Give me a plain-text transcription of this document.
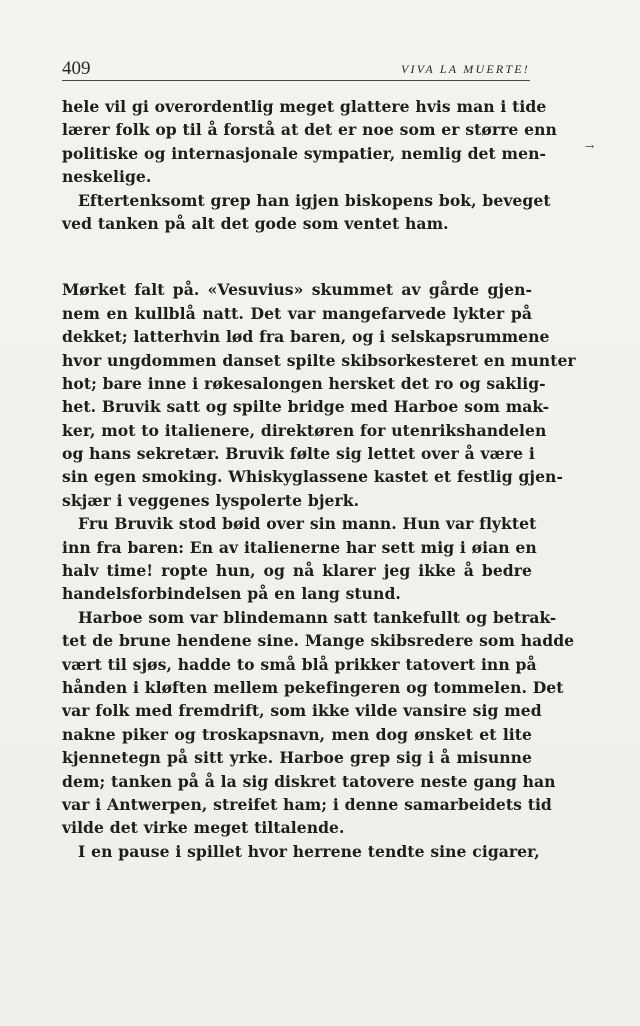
409	VIVA LA MUERTE!
→
hele vil gi overordentlig meget glattere hvis man i tide
lærer folk op til å forstå at det er noe som er større enn
politiske og internasjonale sympatier, nemlig det men-
neskelige.
Eftertenksomt grep han igjen biskopens bok, beveget
ved tanken på alt det gode som ventet ham.
Mørket falt på. «Vesuvius» skummet av gårde gjen-
nem en kullblå natt. Det var mangefarvede lykter på
dekket; latterhvin lød fra baren, og i selskapsrummene
hvor ungdommen danset spilte skibsorkesteret en munter
hot; bare inne i røkesalongen hersket det ro og saklig-
het. Bruvik satt og spilte bridge med Harboe som mak-
ker, mot to italienere, direktøren for utenrikshandelen
og hans sekretær. Bruvik følte sig lettet over å være i
sin egen smoking. Whiskyglassene kastet et festlig gjen-
skjær i veggenes lyspolerte bjerk.
Fru Bruvik stod bøid over sin mann. Hun var flyktet
inn fra baren: En av italienerne har sett mig i øian en
halv time! ropte hun, og nå klarer jeg ikke å bedre
handelsforbindelsen på en lang stund.
Harboe som var blindemann satt tankefullt og betrak-
tet de brune hendene sine. Mange skibsredere som hadde
vært til sjøs, hadde to små blå prikker tatovert inn på
hånden i kløften mellem pekefingeren og tommelen. Det
var folk med fremdrift, som ikke vilde vansire sig med
nakne piker og troskapsnavn, men dog ønsket et lite
kjennetegn på sitt yrke. Harboe grep sig i å misunne
dem; tanken på å la sig diskret tatovere neste gang han
var i Antwerpen, streifet ham; i denne samarbeidets tid
vilde det virke meget tiltalende.
I en pause i spillet hvor herrene tendte sine cigarer,
